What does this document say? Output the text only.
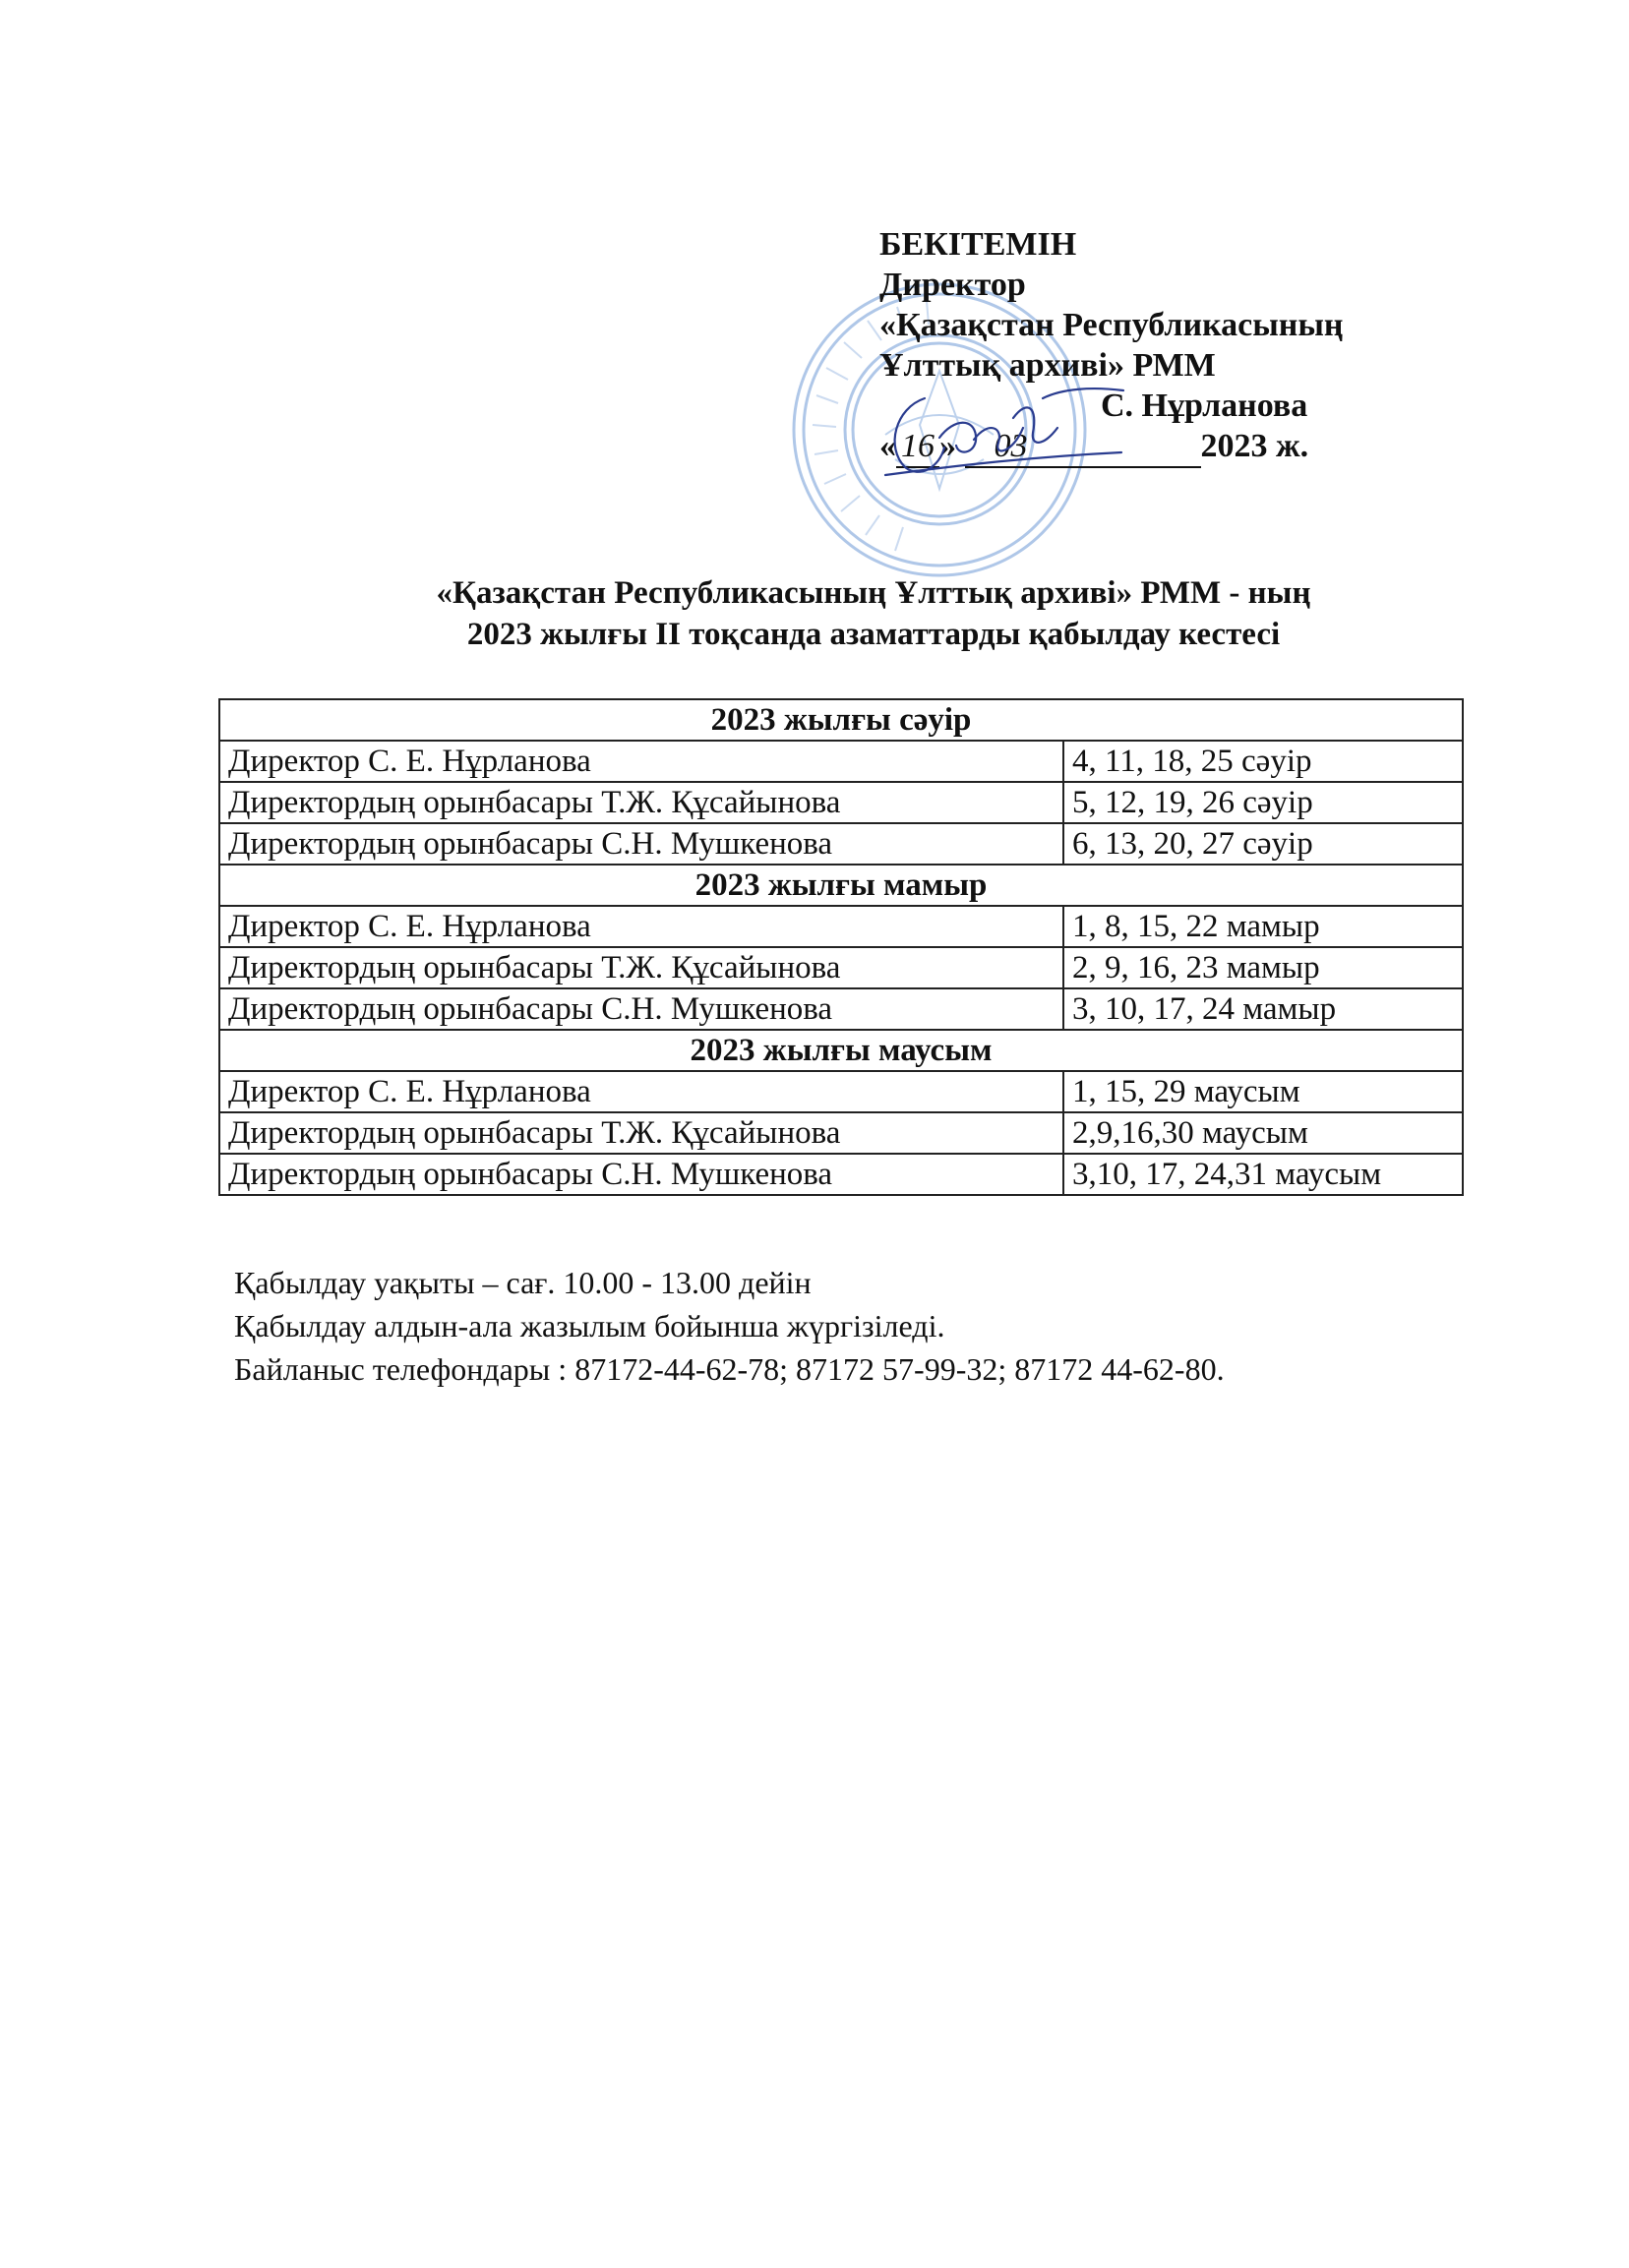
БЕКІТЕМІН
Директор
«Қазақстан Республикасының
Ұлттық архиві» РММ
С. Нұрланова
« 16 » 03	2023 ж.
«Қазақстан Республикасының Ұлттық архиві» РММ - ның
2023 жылғы II тоқсанда азаматтарды қабылдау кестесі
2023 жылғы сәуір	
Директор С. Е. Нұрланова	4, 11, 18, 25 сәуір
Директордың орынбасары Т.Ж. Құсайынова	5, 12, 19, 26 сәуір
Директордың орынбасары С.Н. Мушкенова	6, 13, 20, 27 сәуір
2023 жылғы мамыр	
Директор С. Е. Нұрланова	1, 8, 15, 22 мамыр
Директордың орынбасары Т.Ж. Құсайынова	2, 9, 16, 23 мамыр
Директордың орынбасары С.Н. Мушкенова	3, 10, 17, 24 мамыр
2023 жылғы маусым	
Директор С. Е. Нұрланова	1, 15, 29 маусым
Директордың орынбасары Т.Ж. Құсайынова	2,9,16,30 маусым
Директордың орынбасары С.Н. Мушкенова	3,10, 17, 24,31 маусым
Қабылдау уақыты – сағ. 10.00 - 13.00 дейін
Қабылдау алдын-ала жазылым бойынша жүргізіледі.
Байланыс телефондары : 87172-44-62-78; 87172 57-99-32; 87172 44-62-80.
